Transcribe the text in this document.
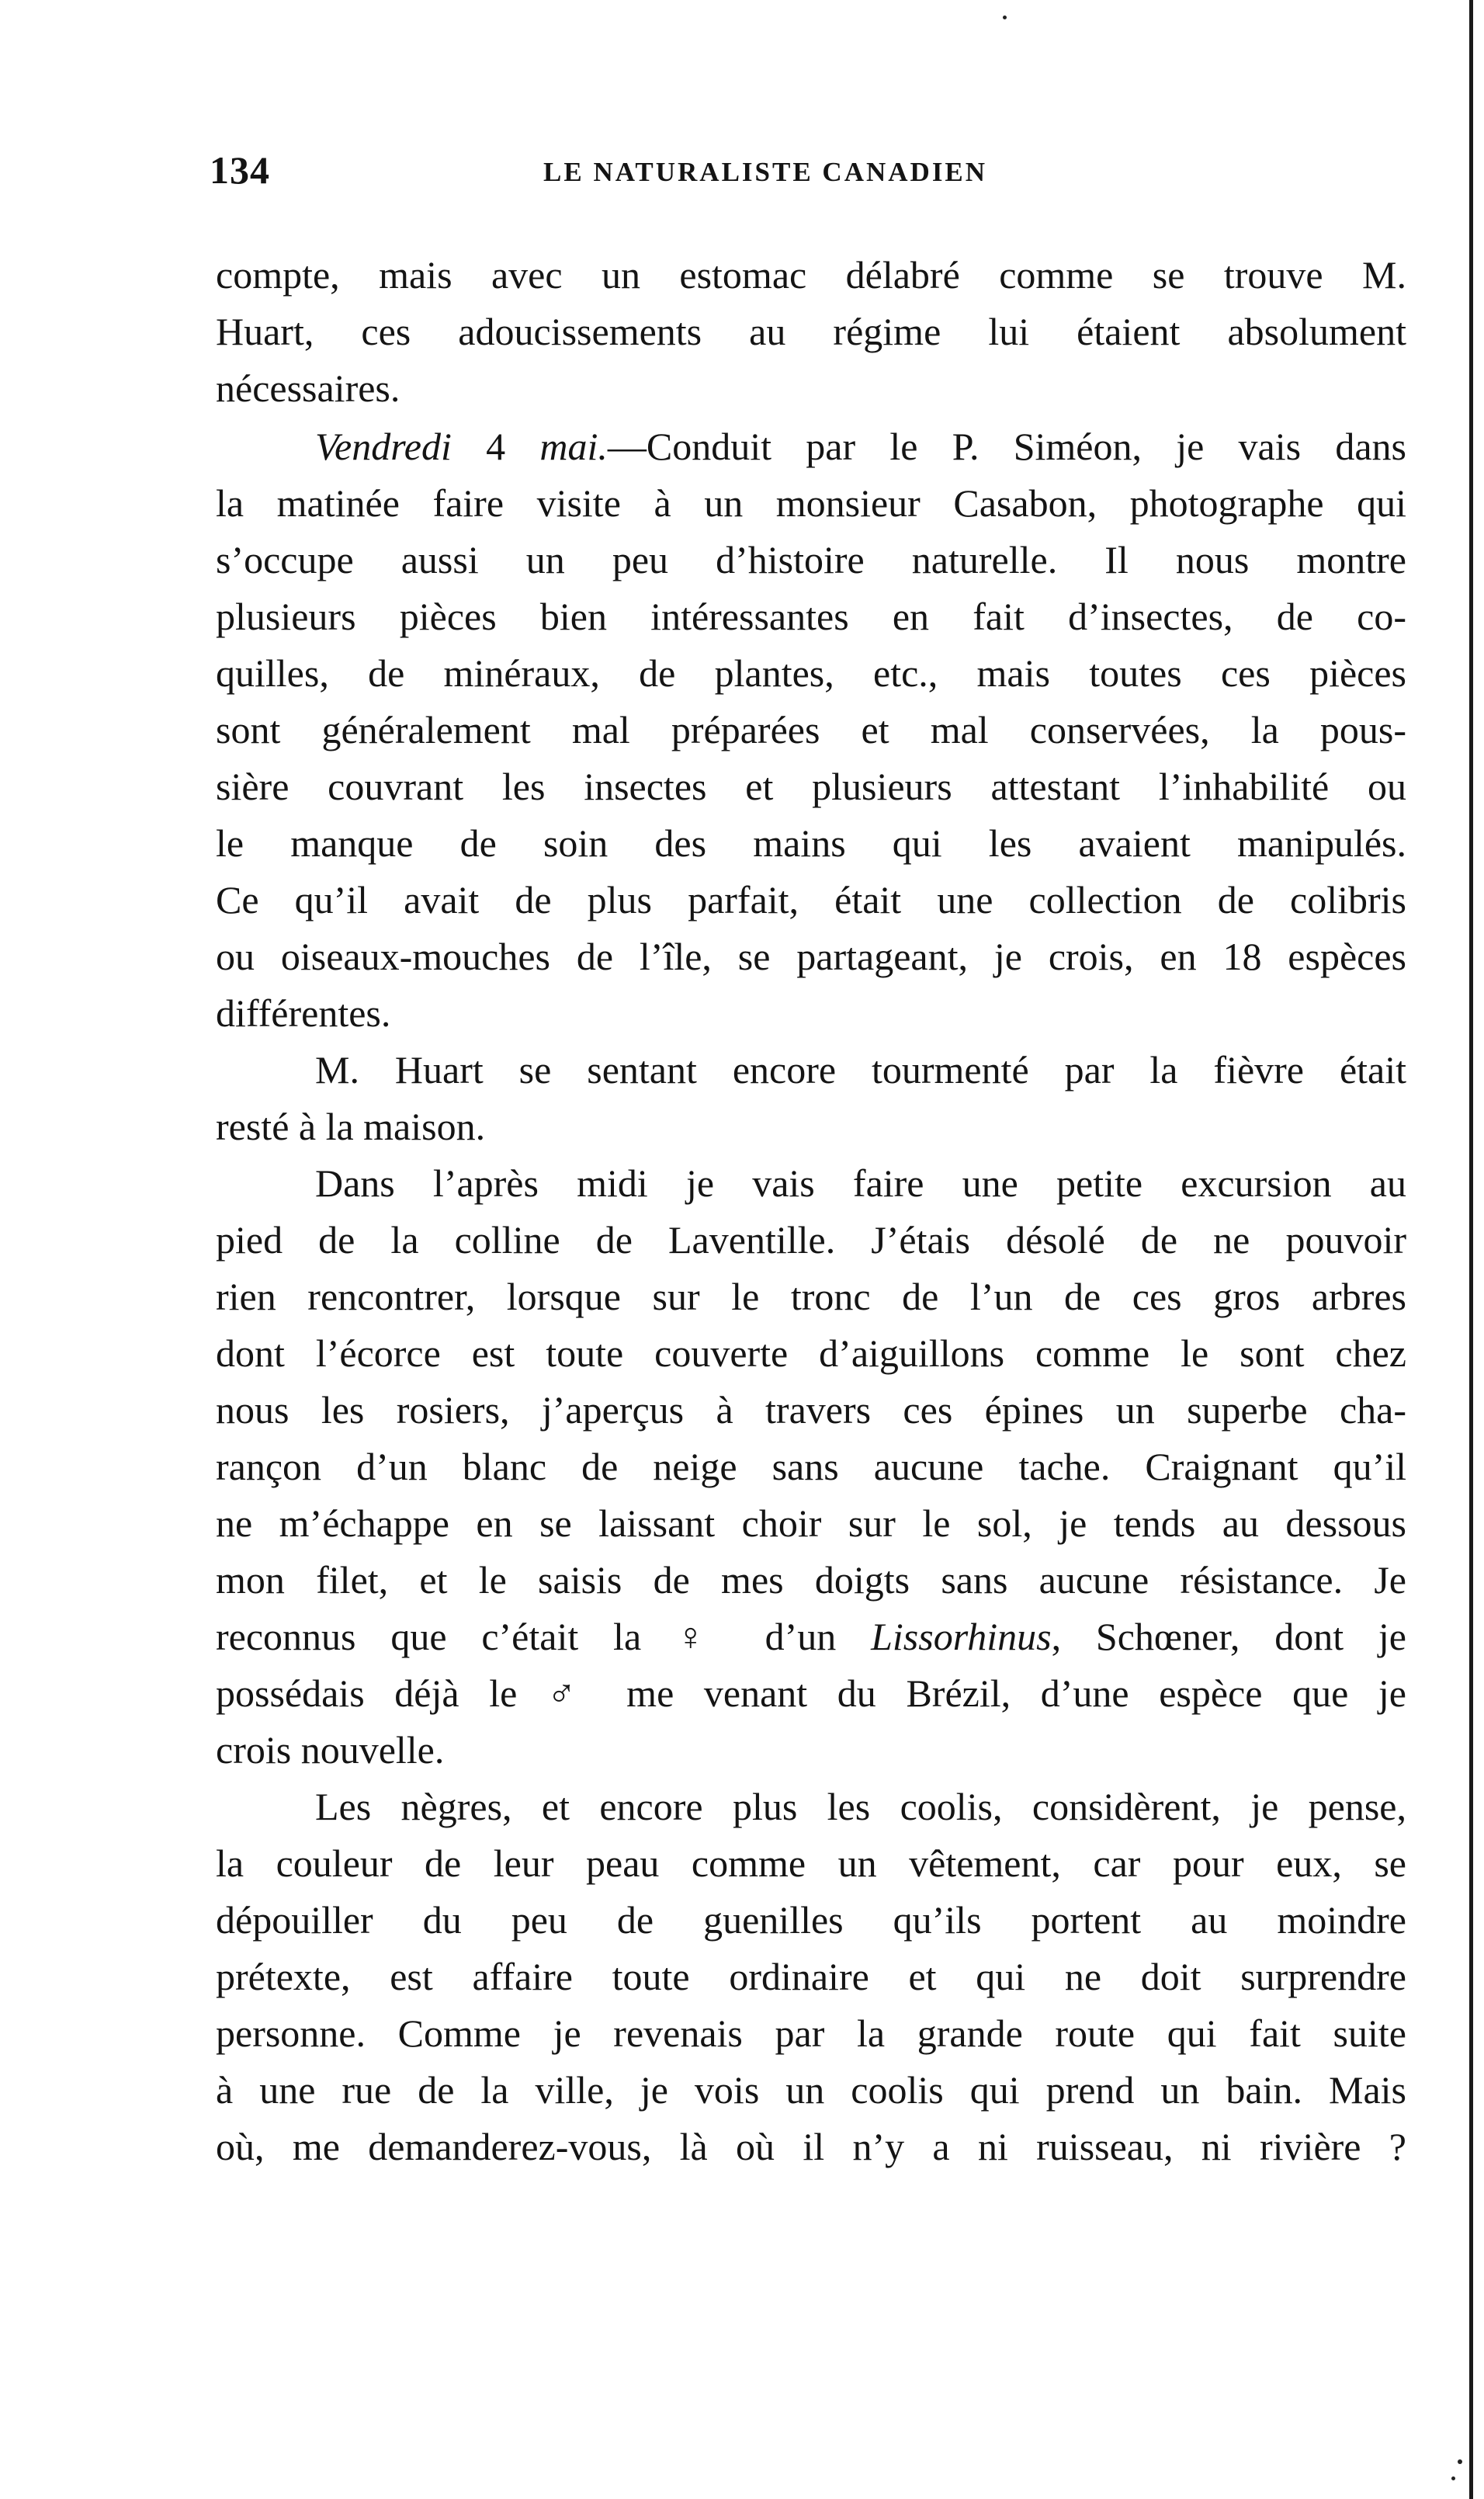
134	LE NATURALISTE CANADIEN
compte, mais avec un estomac délabré comme se trouve M.
Huart, ces adoucissements au régime lui étaient absolument
nécessaires.
Vendredi 4 mai.—Conduit par le P. Siméon, je vais dans
la matinée faire visite à un monsieur Casabon, photographe qui
s’occupe aussi un peu d’histoire naturelle. Il nous montre
plusieurs pièces bien intéressantes en fait d’insectes, de co-
quilles, de minéraux, de plantes, etc., mais toutes ces pièces
sont généralement mal préparées et mal conservées, la pous-
sière couvrant les insectes et plusieurs attestant l’inhabilité ou
le manque de soin des mains qui les avaient manipulés.
Ce qu’il avait de plus parfait, était une collection de colibris
ou oiseaux-mouches de l’île, se partageant, je crois, en 18 espèces
différentes.
M. Huart se sentant encore tourmenté par la fièvre était
resté à la maison.
Dans l’après midi je vais faire une petite excursion au
pied de la colline de Laventille. J’étais désolé de ne pouvoir
rien rencontrer, lorsque sur le tronc de l’un de ces gros arbres
dont l’écorce est toute couverte d’aiguillons comme le sont chez
nous les rosiers, j’aperçus à travers ces épines un superbe cha-
rançon d’un blanc de neige sans aucune tache. Craignant qu’il
ne m’échappe en se laissant choir sur le sol, je tends au dessous
mon filet, et le saisis de mes doigts sans aucune résistance. Je
reconnus que c’était la ♀ d’un Lissorhinus, Schœner, dont je
possédais déjà le ♂ me venant du Brézil, d’une espèce que je
crois nouvelle.
Les nègres, et encore plus les coolis, considèrent, je pense,
la couleur de leur peau comme un vêtement, car pour eux, se
dépouiller du peu de guenilles qu’ils portent au moindre
prétexte, est affaire toute ordinaire et qui ne doit surprendre
personne. Comme je revenais par la grande route qui fait suite
à une rue de la ville, je vois un coolis qui prend un bain. Mais
où, me demanderez-vous, là où il n’y a ni ruisseau, ni rivière ?
